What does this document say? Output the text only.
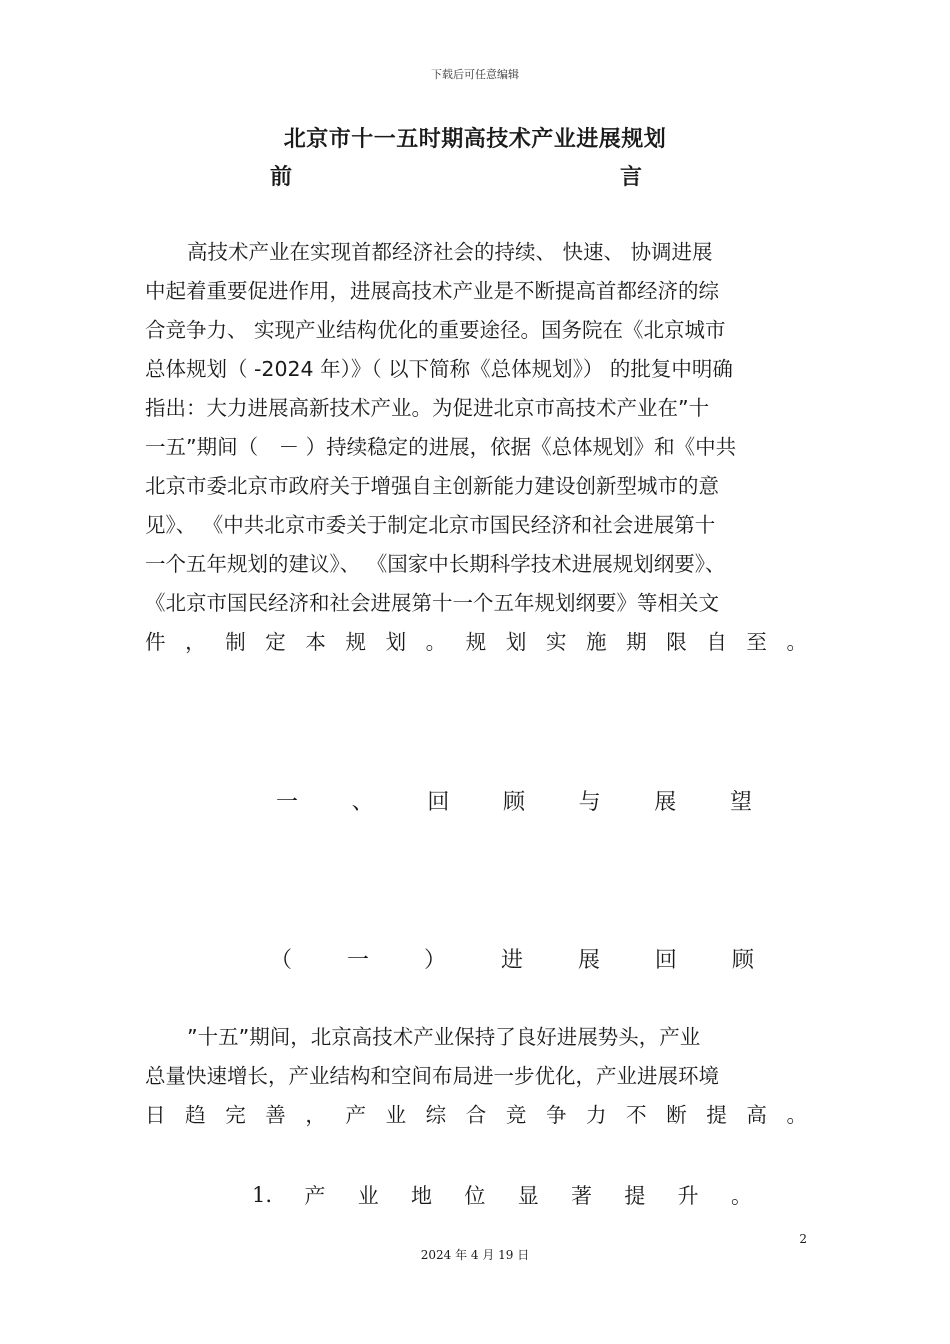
下载后可任意编辑
北京市十一五时期高技术产业进展规划
前	言
高技术产业在实现首都经济社会的持续、 快速、 协调进展
中起着重要促进作用，进展高技术产业是不断提高首都经济的综
合竞争力、 实现产业结构优化的重要途径。国务院在《北京城市
总体规划（ -2024 年）》（ 以下简称《总体规划》） 的批复中明确
指出：大力进展高新技术产业。为促进北京市高技术产业在”十
一五”期间（　－ ）持续稳定的进展，依据《总体规划》和《中共
北京市委北京市政府关于增强自主创新能力建设创新型城市的意
见》、 《中共北京市委关于制定北京市国民经济和社会进展第十
一个五年规划的建议》、 《国家中长期科学技术进展规划纲要》、
《北京市国民经济和社会进展第十一个五年规划纲要》等相关文
件 ， 制 定 本 规 划 。 规 划 实 施 期 限 自 至 。
一 、 回 顾 与 展 望
（ 一 ） 进 展 回 顾
”十五”期间，北京高技术产业保持了良好进展势头，产业
总量快速增长，产业结构和空间布局进一步优化，产业进展环境
日 趋 完 善 ， 产 业 综 合 竞 争 力 不 断 提 高 。
1. 产 业 地 位 显 著 提 升 。
2
2024 年 4 月 19 日
